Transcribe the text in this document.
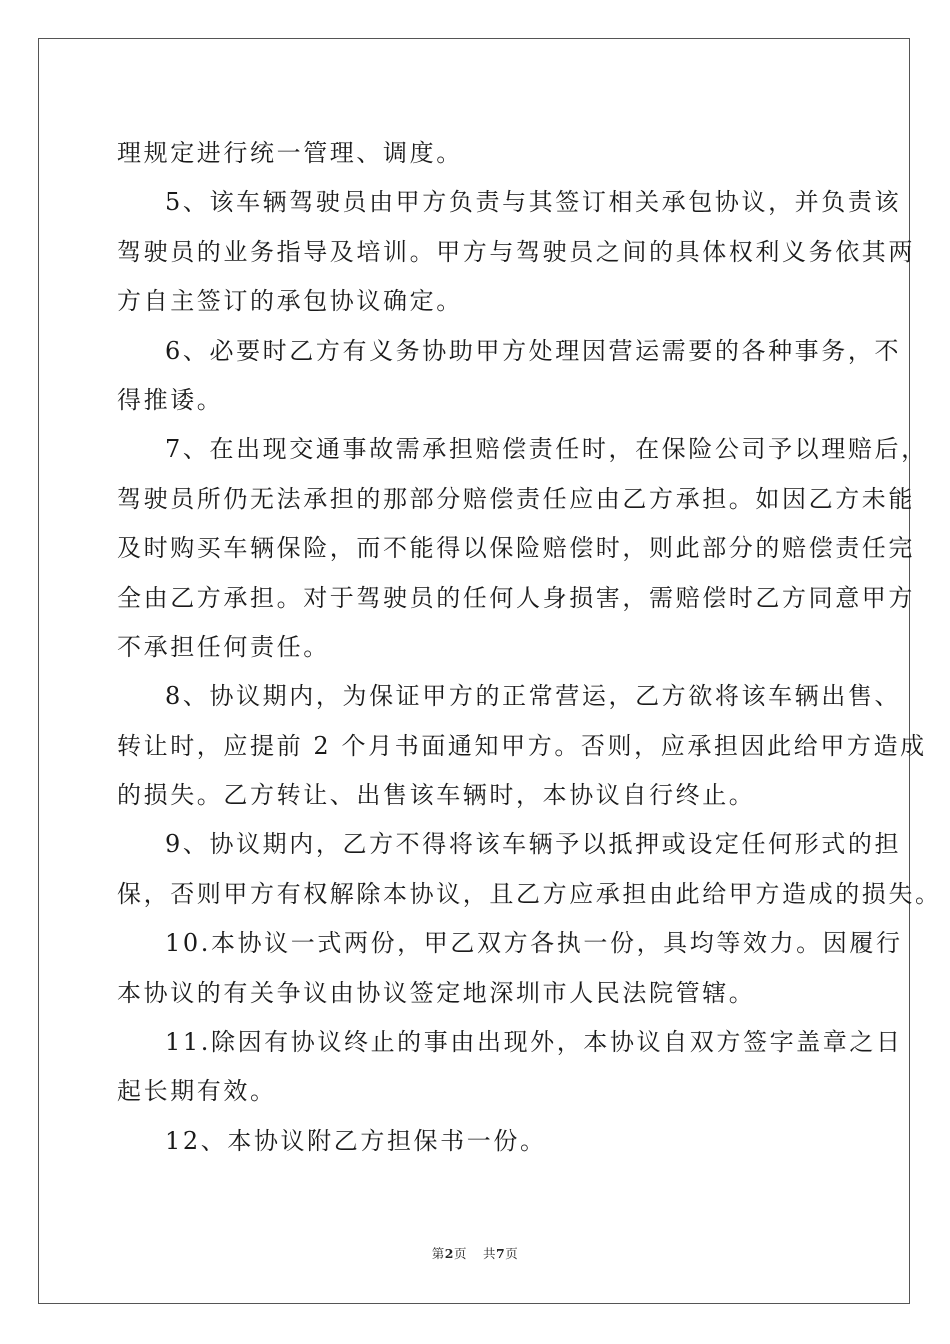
理规定进行统一管理、调度。
5、该车辆驾驶员由甲方负责与其签订相关承包协议，并负责该
驾驶员的业务指导及培训。甲方与驾驶员之间的具体权利义务依其两
方自主签订的承包协议确定。
6、必要时乙方有义务协助甲方处理因营运需要的各种事务，不
得推诿。
7、在出现交通事故需承担赔偿责任时，在保险公司予以理赔后，
驾驶员所仍无法承担的那部分赔偿责任应由乙方承担。如因乙方未能
及时购买车辆保险，而不能得以保险赔偿时，则此部分的赔偿责任完
全由乙方承担。对于驾驶员的任何人身损害，需赔偿时乙方同意甲方
不承担任何责任。
8、协议期内，为保证甲方的正常营运，乙方欲将该车辆出售、
转让时，应提前 2 个月书面通知甲方。否则，应承担因此给甲方造成
的损失。乙方转让、出售该车辆时，本协议自行终止。
9、协议期内，乙方不得将该车辆予以抵押或设定任何形式的担
保，否则甲方有权解除本协议，且乙方应承担由此给甲方造成的损失。
10.本协议一式两份，甲乙双方各执一份，具均等效力。因履行
本协议的有关争议由协议签定地深圳市人民法院管辖。
11.除因有协议终止的事由出现外，本协议自双方签字盖章之日
起长期有效。
12、本协议附乙方担保书一份。
第2页 共7页
